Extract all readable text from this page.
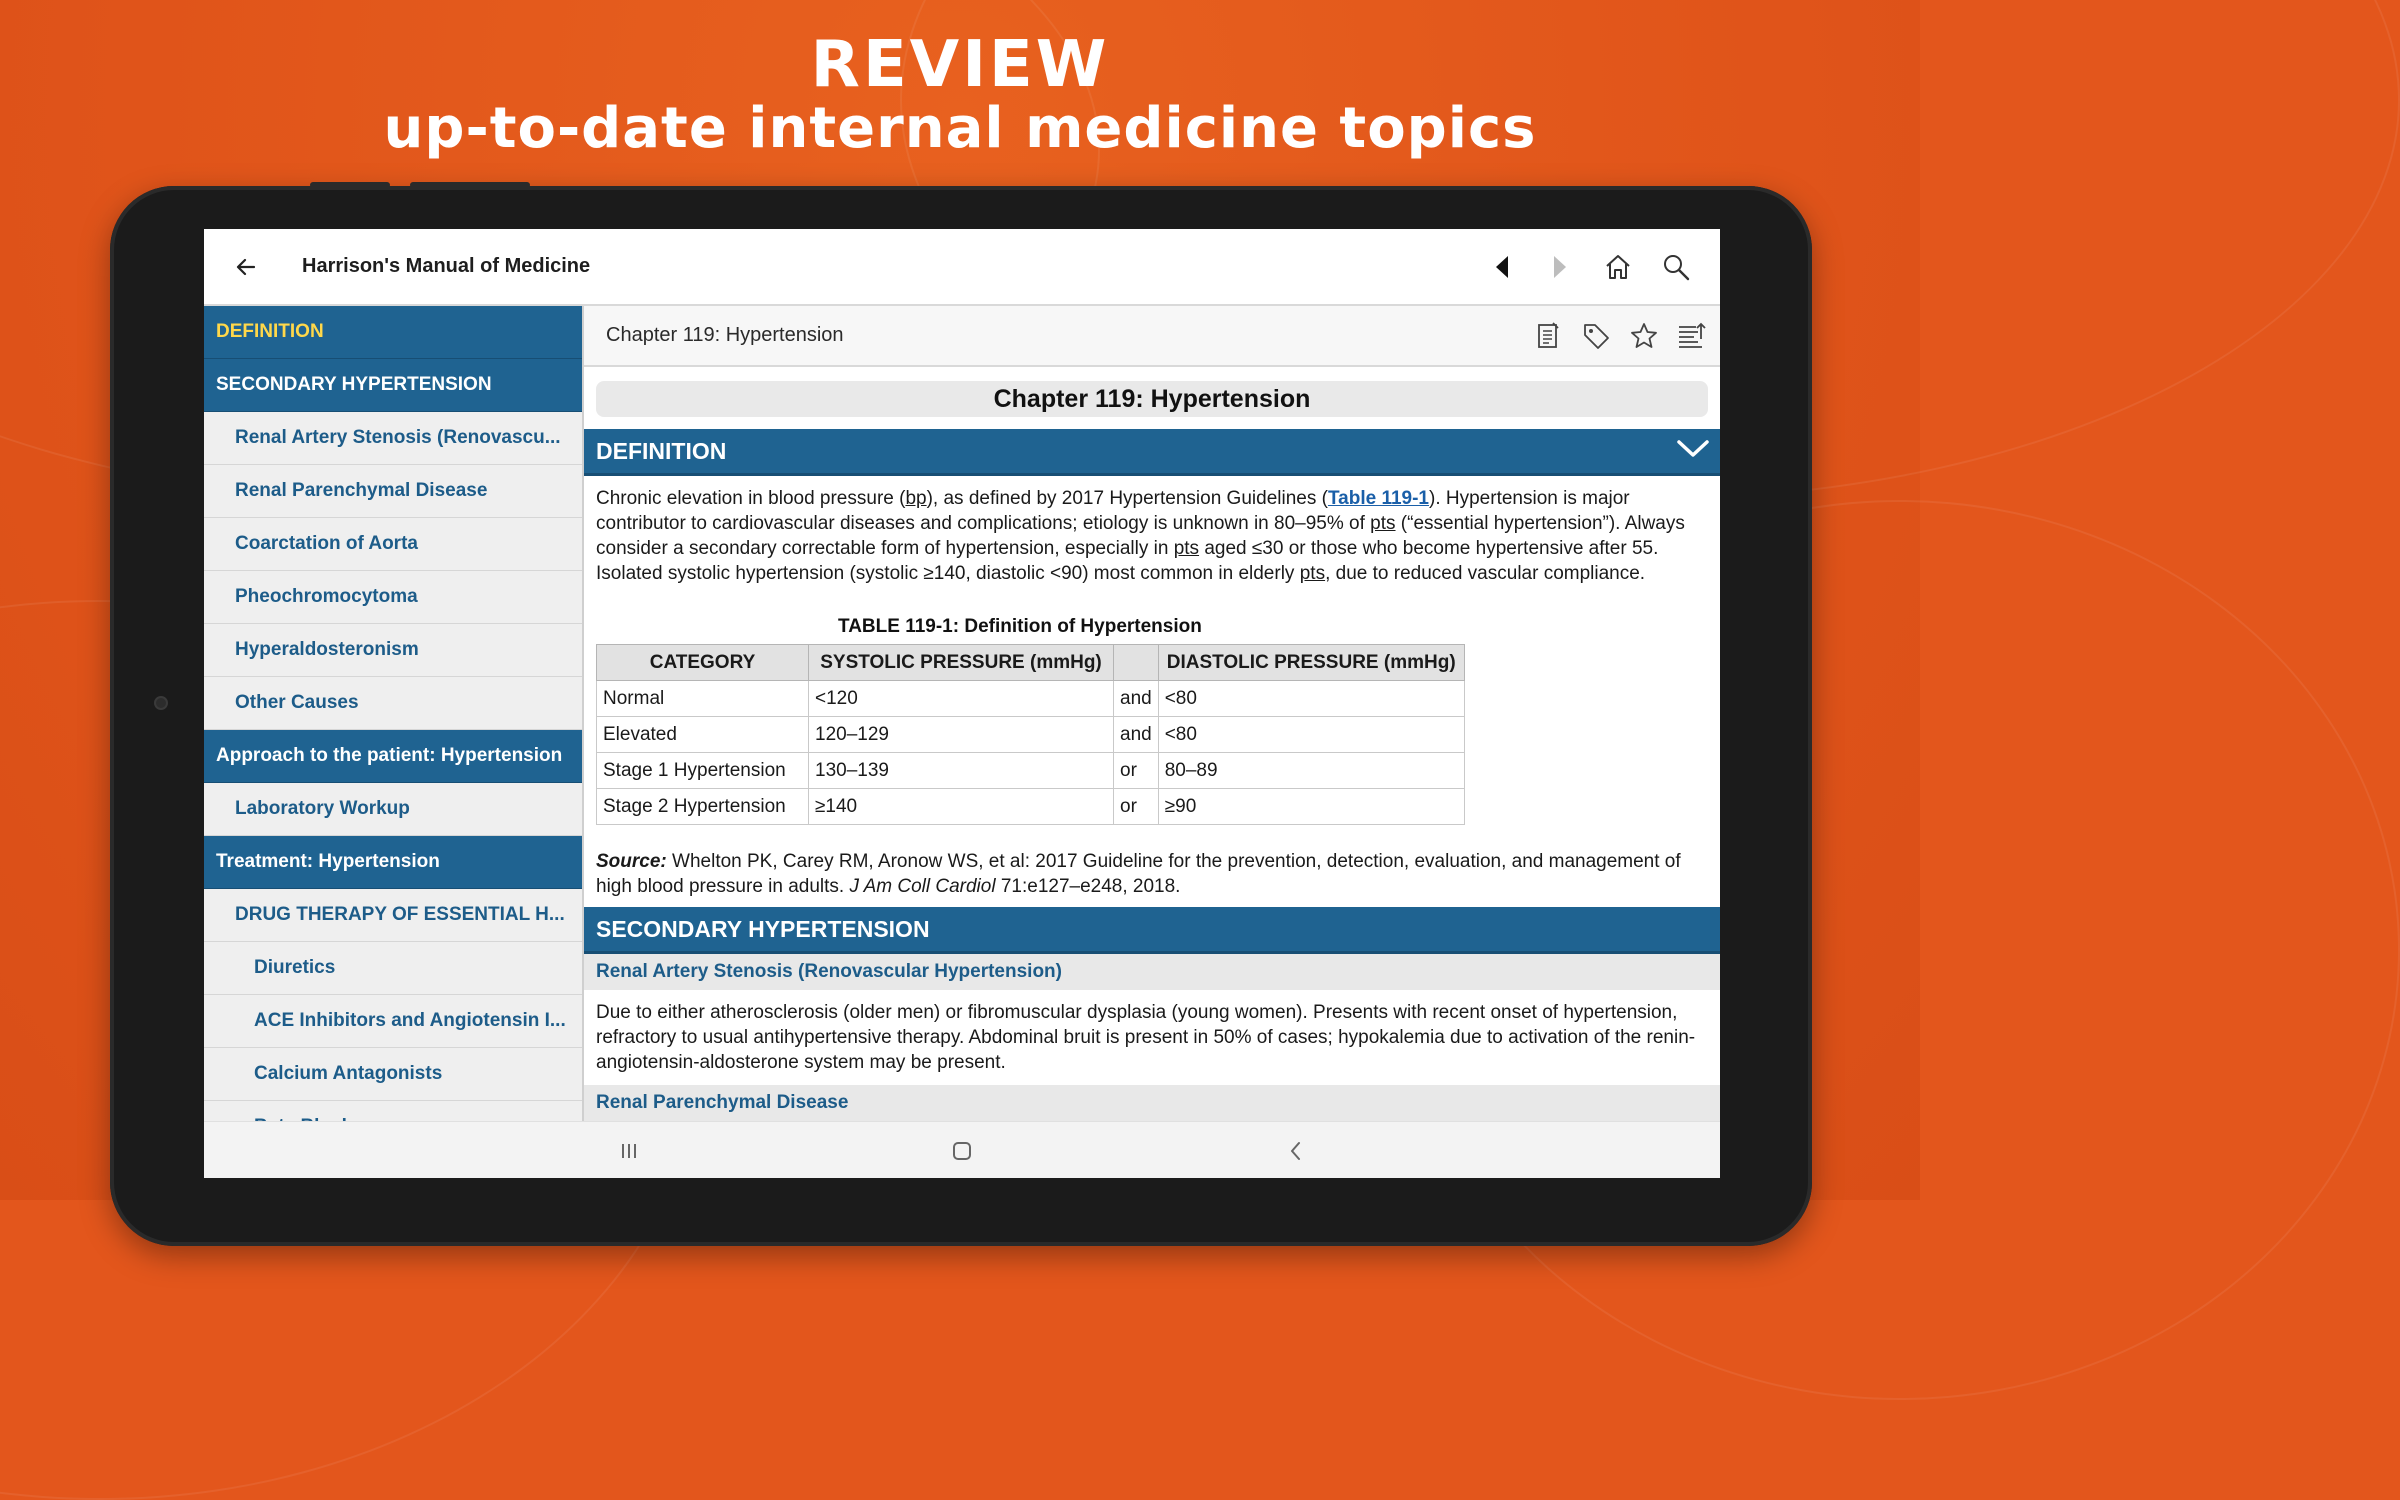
REVIEW
up-to-date internal medicine topics
Harrison's Manual of Medicine
DEFINITION
SECONDARY HYPERTENSION
Renal Artery Stenosis (Renovascu...
Renal Parenchymal Disease
Coarctation of Aorta
Pheochromocytoma
Hyperaldosteronism
Other Causes
Approach to the patient: Hypertension
Laboratory Workup
Treatment: Hypertension
DRUG THERAPY OF ESSENTIAL H...
Diuretics
ACE Inhibitors and Angiotensin I...
Calcium Antagonists
Chapter 119: Hypertension
Chapter 119: Hypertension
DEFINITION
Chronic elevation in blood pressure (bp), as defined by 2017 Hypertension Guidelines (Table 119-1). Hypertension is major contributor to cardiovascular diseases and complications; etiology is unknown in 80–95% of pts (“essential hypertension”). Always consider a secondary correctable form of hypertension, especially in pts aged ≤30 or those who become hypertensive after 55. Isolated systolic hypertension (systolic ≥140, diastolic <90) most common in elderly pts, due to reduced vascular compliance.
TABLE 119-1: Definition of Hypertension
CATEGORY	SYSTOLIC PRESSURE (mmHg)		DIASTOLIC PRESSURE (mmHg)
Normal	<120	and	<80
Elevated	120–129	and	<80
Stage 1 Hypertension	130–139	or	80–89
Stage 2 Hypertension	≥140	or	≥90
Source: Whelton PK, Carey RM, Aronow WS, et al: 2017 Guideline for the prevention, detection, evaluation, and management of high blood pressure in adults. J Am Coll Cardiol 71:e127–e248, 2018.
SECONDARY HYPERTENSION
Renal Artery Stenosis (Renovascular Hypertension)
Due to either atherosclerosis (older men) or fibromuscular dysplasia (young women). Presents with recent onset of hypertension, refractory to usual antihypertensive therapy. Abdominal bruit is present in 50% of cases; hypokalemia due to activation of the renin-angiotensin-aldosterone system may be present.
Renal Parenchymal Disease
